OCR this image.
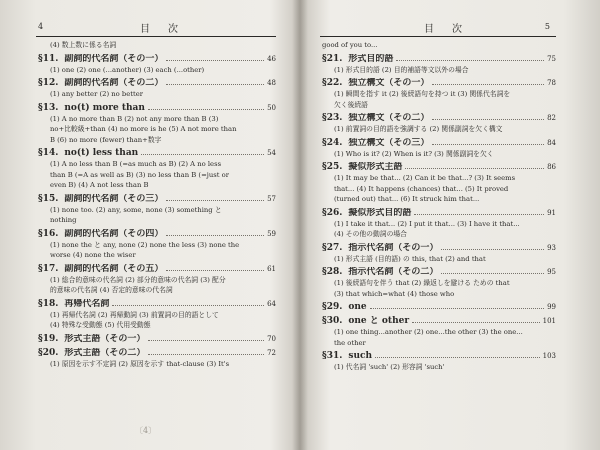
4	目　次
(4) 数上数に係る名詞
§11. 副詞的代名詞（その一）	46
(1) one (2) one (...another) (3) each (...other)
§12. 副詞的代名詞（その二）	48
(1) any better (2) no better
§13. no(t) more than	50
(1) A no more than B (2) not any more than B (3)
no+比較級+than (4) no more is he (5) A not more than
B (6) no more (fewer) than+数字
§14. no(t) less than	54
(1) A no less than B (=as much as B) (2) A no less
than B (=A as well as B) (3) no less than B (=just or
even B) (4) A not less than B
§15. 副詞的代名詞（その三）	57
(1) none too. (2) any, some, none (3) something と
nothing
§16. 副詞的代名詞（その四）	59
(1) none the と any, none (2) none the less (3) none the
worse (4) none the wiser
§17. 副詞的代名詞（その五）	61
(1) 総合的意味の代名詞 (2) 部分的意味の代名詞 (3) 配分
的意味の代名詞 (4) 否定的意味の代名詞
§18. 再帰代名詞	64
(1) 再帰代名詞 (2) 再帰動詞 (3) 前置詞の目的語として
(4) 特殊な受動態 (5) 代用受動態
§19. 形式主語（その一）	70
§20. 形式主語（その二）	72
(1) 原因を示す不定詞 (2) 原因を示す that-clause (3) It's
〔4〕
目　次	5
good of you to...
§21. 形式目的語	75
(1) 形式目的語 (2) 目的補語等文以外の場合
§22. 独立構文（その一）	78
(1) 瞬間を指す it (2) 後続語句を持つ it (3) 関係代名詞を
欠く後続語
§23. 独立構文（その二）	82
(1) 前置詞の目的語を強調する (2) 関係副詞を欠く構文
§24. 独立構文（その三）	84
(1) Who is it? (2) When is it? (3) 関係副詞を欠く
§25. 擬似形式主語	86
(1) It may be that... (2) Can it be that...? (3) It seems
that... (4) It happens (chances) that... (5) It proved
(turned out) that... (6) It struck him that...
§26. 擬似形式目的語	91
(1) I take it that... (2) I put it that... (3) I have it that...
(4) その他の動詞の場合
§27. 指示代名詞（その一）	93
(1) 形式主語 (目的語) の this, that (2) and that
§28. 指示代名詞（その二）	95
(1) 後続語句を伴う that (2) 繰返しを避ける ための that
(3) that which=what (4) those who
§29. one	99
§30. one と other	101
(1) one thing...another (2) one...the other (3) the one...
the other
§31. such	103
(1) 代名詞 'such' (2) 形容詞 'such'
